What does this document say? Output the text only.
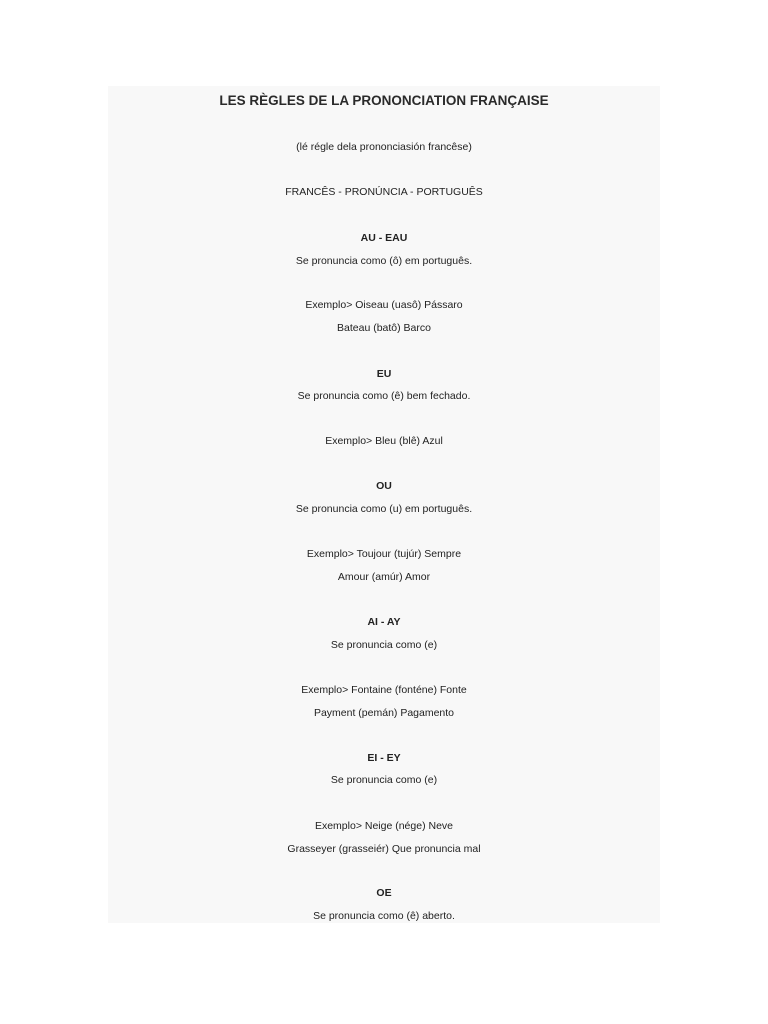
LES RÈGLES DE LA PRONONCIATION FRANÇAISE
(lé régle dela prononciasión francêse)
FRANCÊS - PRONÚNCIA - PORTUGUÊS
AU - EAU
Se pronuncia como (ô) em português.
Exemplo> Oiseau (uasô) Pássaro
Bateau (batô) Barco
EU
Se pronuncia como (ê) bem fechado.
Exemplo> Bleu (blê) Azul
OU
Se pronuncia como (u) em português.
Exemplo> Toujour (tujúr) Sempre
Amour (amúr) Amor
AI - AY
Se pronuncia como (e)
Exemplo> Fontaine (fonténe) Fonte
Payment (pemán) Pagamento
EI - EY
Se pronuncia como (e)
Exemplo> Neige (nége) Neve
Grasseyer (grasseiér) Que pronuncia mal
OE
Se pronuncia como (ê) aberto.
